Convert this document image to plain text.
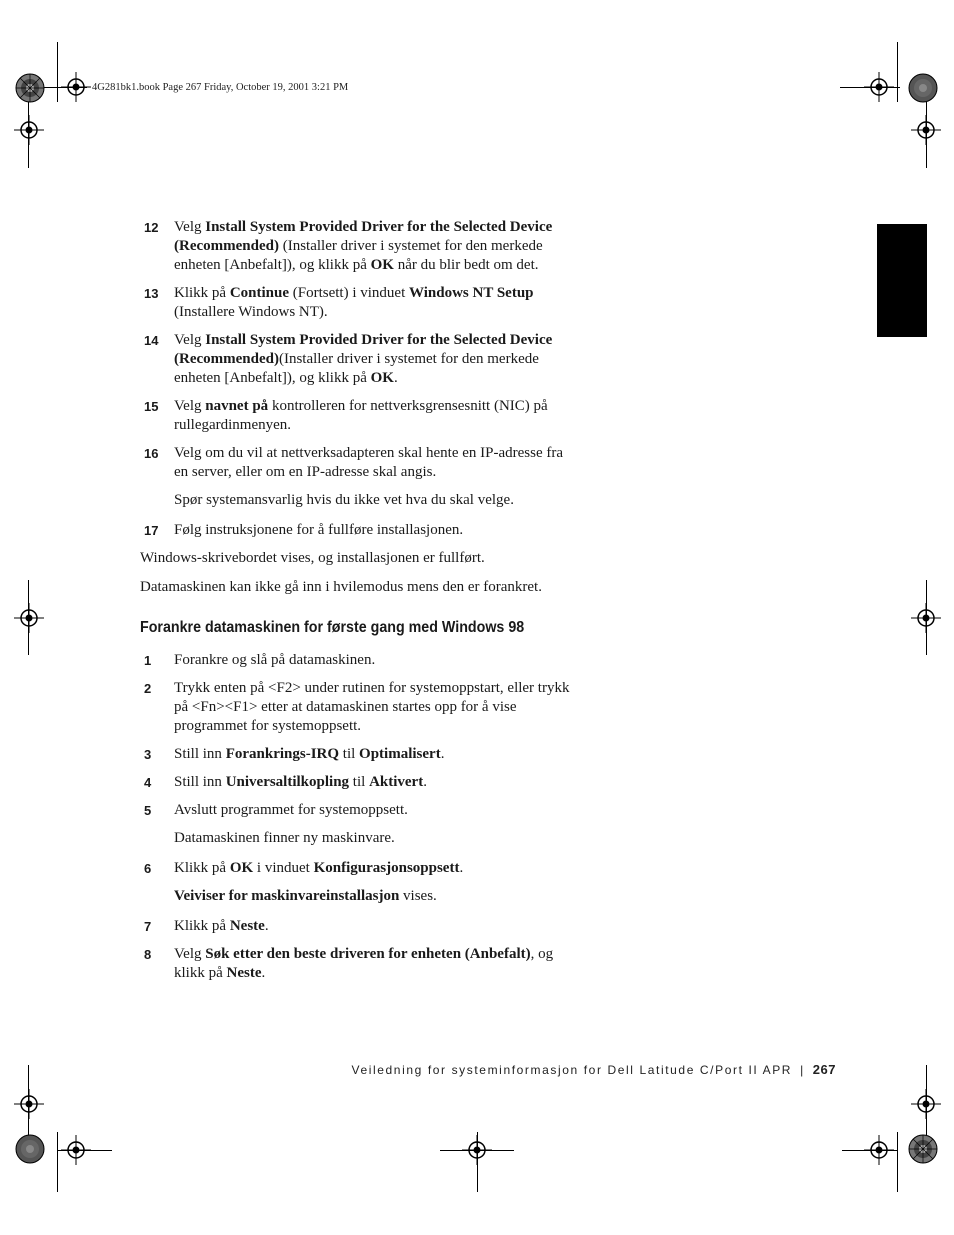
4G281bk1.book Page 267 Friday, October 19, 2001 3:21 PM
12	Velg Install System Provided Driver for the Selected Device (Recommended) (Installer driver i systemet for den merkede enheten [Anbefalt]), og klikk på OK når du blir bedt om det.
13	Klikk på Continue (Fortsett) i vinduet Windows NT Setup (Installere Windows NT).
14	Velg Install System Provided Driver for the Selected Device (Recommended)(Installer driver i systemet for den merkede enheten [Anbefalt]), og klikk på OK.
15	Velg navnet på kontrolleren for nettverksgrensesnitt (NIC) på rullegardinmenyen.
16	Velg om du vil at nettverksadapteren skal hente en IP-adresse fra en server, eller om en IP-adresse skal angis.
Spør systemansvarlig hvis du ikke vet hva du skal velge.
17	Følg instruksjonene for å fullføre installasjonen.
Windows-skrivebordet vises, og installasjonen er fullført.
Datamaskinen kan ikke gå inn i hvilemodus mens den er forankret.
Forankre datamaskinen for første gang med Windows 98
1	Forankre og slå på datamaskinen.
2	Trykk enten på <F2> under rutinen for systemoppstart, eller trykk på <Fn><F1> etter at datamaskinen startes opp for å vise programmet for systemoppsett.
3	Still inn Forankrings-IRQ til Optimalisert.
4	Still inn Universaltilkopling til Aktivert.
5	Avslutt programmet for systemoppsett.
Datamaskinen finner ny maskinvare.
6	Klikk på OK i vinduet Konfigurasjonsoppsett.
Veiviser for maskinvareinstallasjon vises.
7	Klikk på Neste.
8	Velg Søk etter den beste driveren for enheten (Anbefalt), og klikk på Neste.
Veiledning for systeminformasjon for Dell Latitude C/Port II APR | 267
